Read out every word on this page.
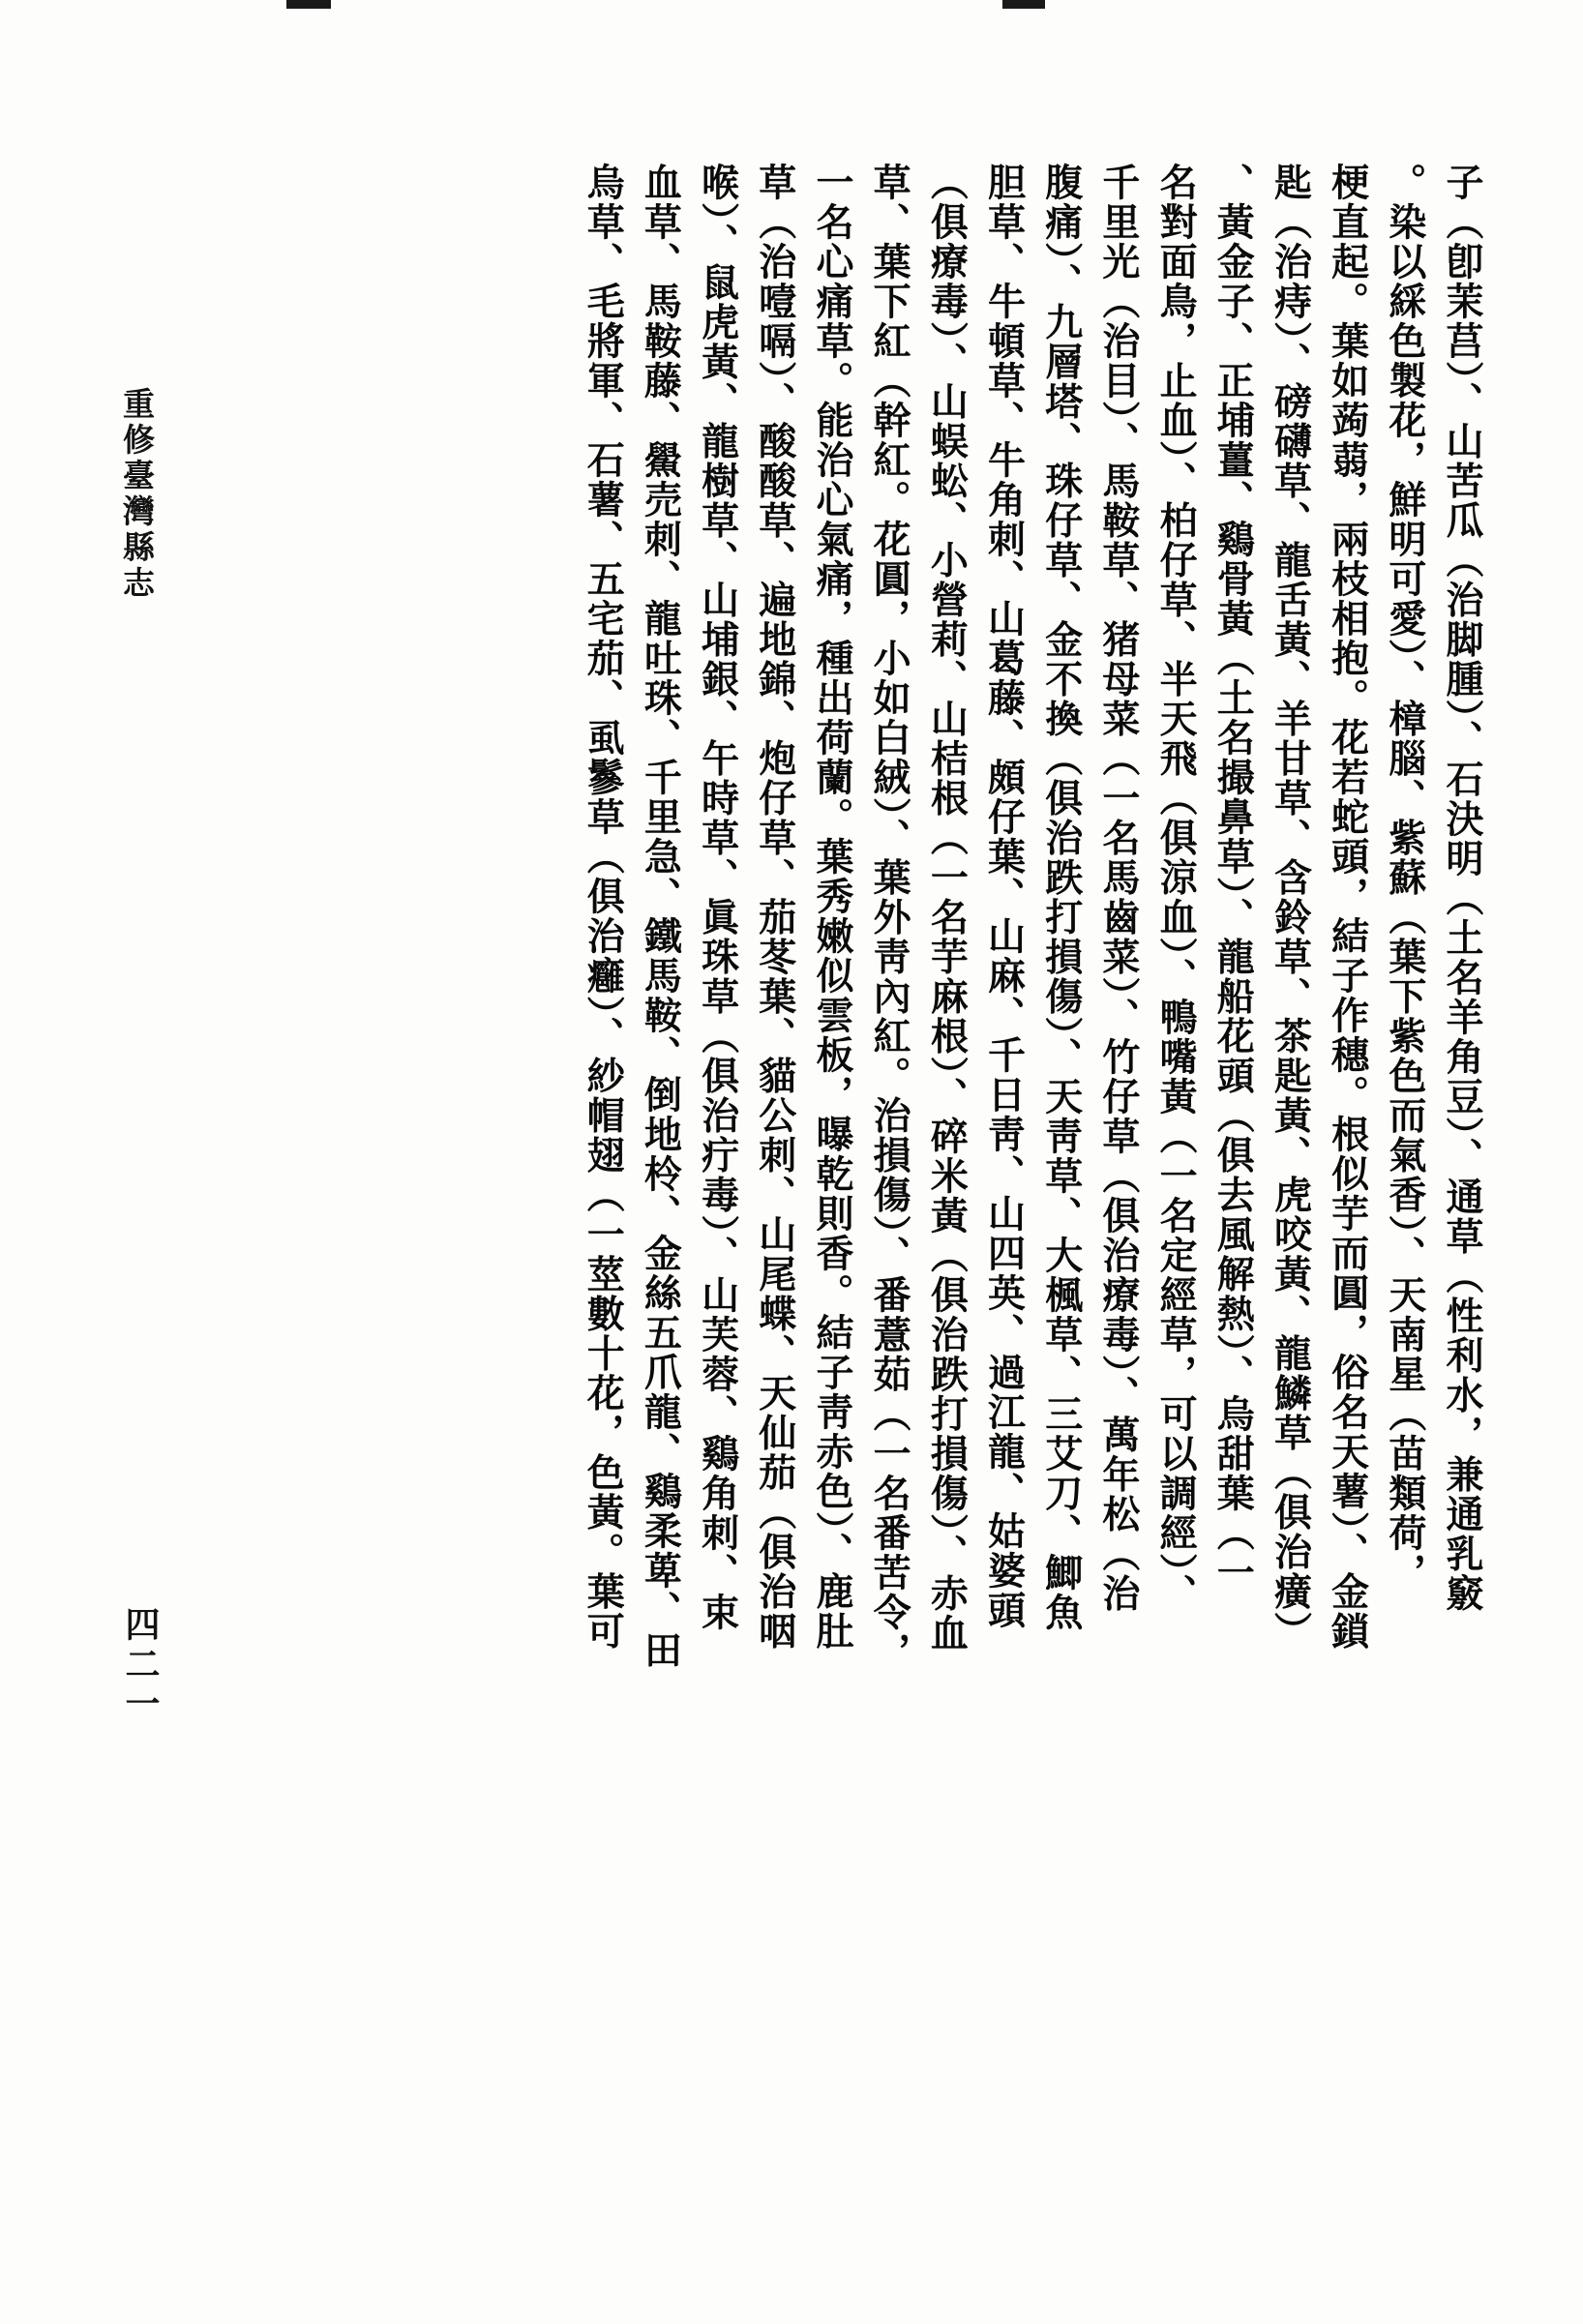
子（卽茉莒）、山苦瓜（治脚腫）、石決明（土名羊角豆）、通草（性利水，兼通乳竅
。染以綵色製花，鮮明可愛）、樟腦、紫蘇（葉下紫色而氣香）、天南星（苗類荷，
梗直起。葉如蒟蒻，兩枝相抱。花若蛇頭，結子作穗。根似芋而圓，俗名天薯）、金鎖
匙（治痔）、磅礴草、龍舌黃、羊甘草、含鈴草、茶匙黃、虎咬黃、龍鱗草（俱治癀）
、黃金子、正埔薑、鷄骨黃（土名撮鼻草）、龍船花頭（俱去風解熱）、烏甜葉（一
名對面鳥，止血）、柏仔草、半天飛（俱涼血）、鴨嘴黃（一名定經草，可以調經）、
千里光（治目）、馬鞍草、猪母菜（一名馬齒菜）、竹仔草（俱治療毒）、萬年松（治
腹痛）、九層塔、珠仔草、金不換（俱治跌打損傷）、天靑草、大楓草、三艾刀、鯽魚
胆草、牛頓草、牛角刺、山葛藤、頗仔葉、山麻、千日靑、山四英、過江龍、姑婆頭
（俱療毒）、山蜈蚣、小營莉、山桔根（一名芋麻根）、碎米黃（俱治跌打損傷）、赤血
草、葉下紅（幹紅。花圓，小如白絨）、葉外靑內紅。治損傷）、番薏茹（一名番苦令，
一名心痛草。能治心氣痛，種出荷蘭。葉秀嫩似雲板，曝乾則香。結子靑赤色）、鹿肚
草（治噎嗝）、酸酸草、遍地錦、炮仔草、茄苳葉、貓公刺、山尾蝶、天仙茄（俱治咽
喉）、鼠虎黃、龍樹草、山埔銀、午時草、眞珠草（俱治疔毒）、山芙蓉、鷄角刺、束
血草、馬鞍藤、鱟売刺、龍吐珠、千里急、鐵馬鞍、倒地柃、金絲五爪龍、鷄柔萆、田
烏草、毛將軍、石薯、五宅茄、虱鬖草（俱治癰）、紗帽翅（一莖數十花，色黃。葉可
重修臺灣縣志
四二一
